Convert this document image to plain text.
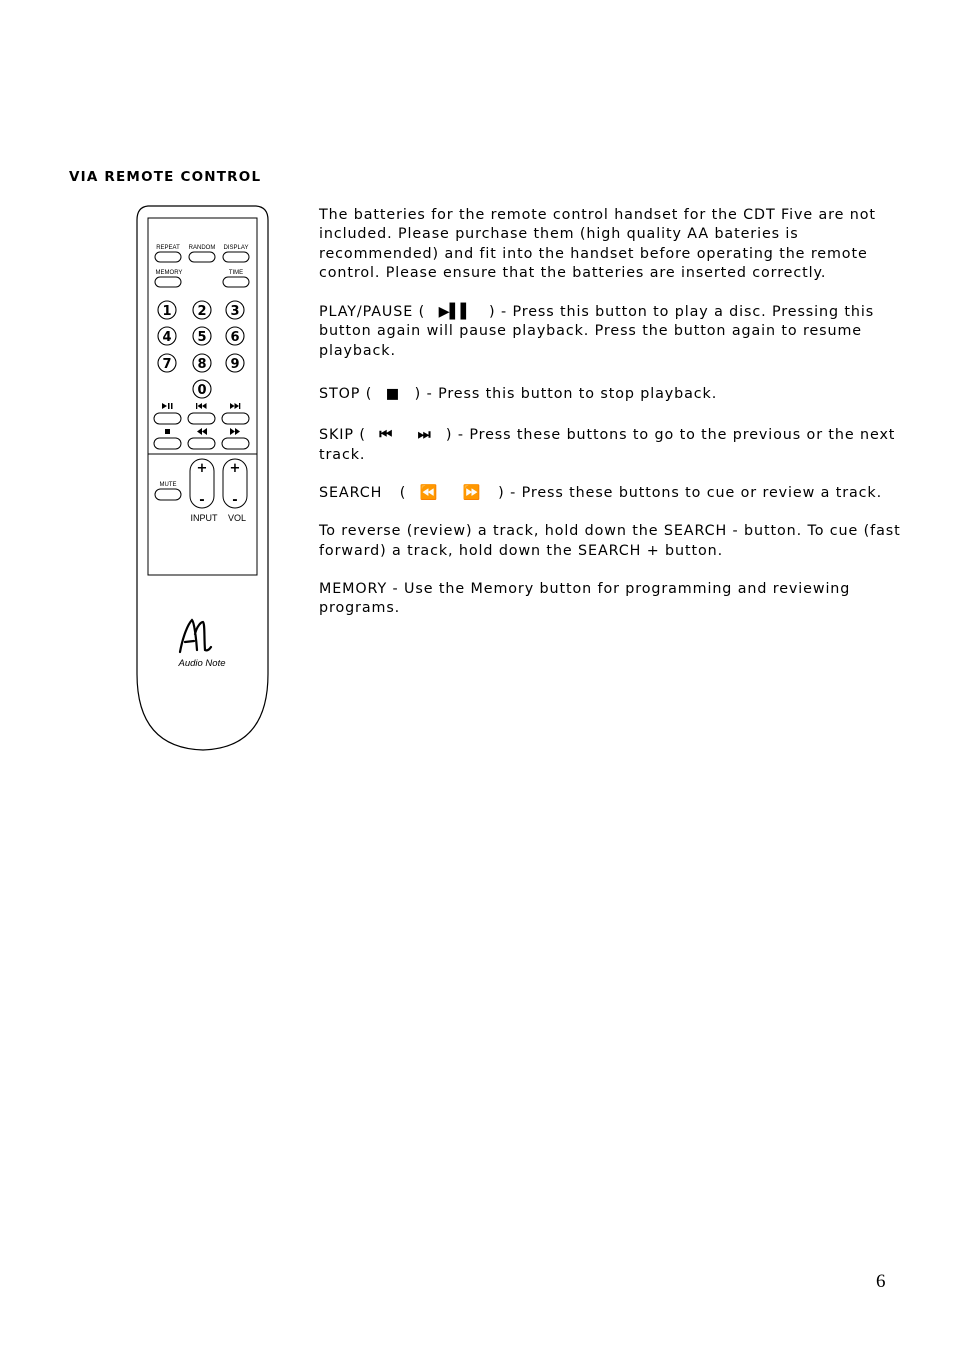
VIA REMOTE CONTROL
REPEAT RANDOM DISPLAY
MEMORY	TIME
1 2 3
4 5 6
7 8 9
0
+ +
- -
MUTE
INPUT VOL
Audio Note

The batteries for the remote control handset for the CDT Five are not included. Please purchase them (high quality AA bateries is recommended) and fit into the handset before operating the remote control. Please ensure that the batteries are inserted correctly.

PLAY/PAUSE ( ▶▌▌ ) - Press this button to play a disc. Pressing this button again will pause playback. Press the button again to resume playback.

STOP ( ■ ) - Press this button to stop playback.

SKIP ( ⏮ ⏭ ) - Press these buttons to go to the previous or the next track.

SEARCH ( ⏪ ⏩ ) - Press these buttons to cue or review a track.

To reverse (review) a track, hold down the SEARCH - button. To cue (fast forward) a track, hold down the SEARCH + button.

MEMORY - Use the Memory button for programming and reviewing programs.

6
